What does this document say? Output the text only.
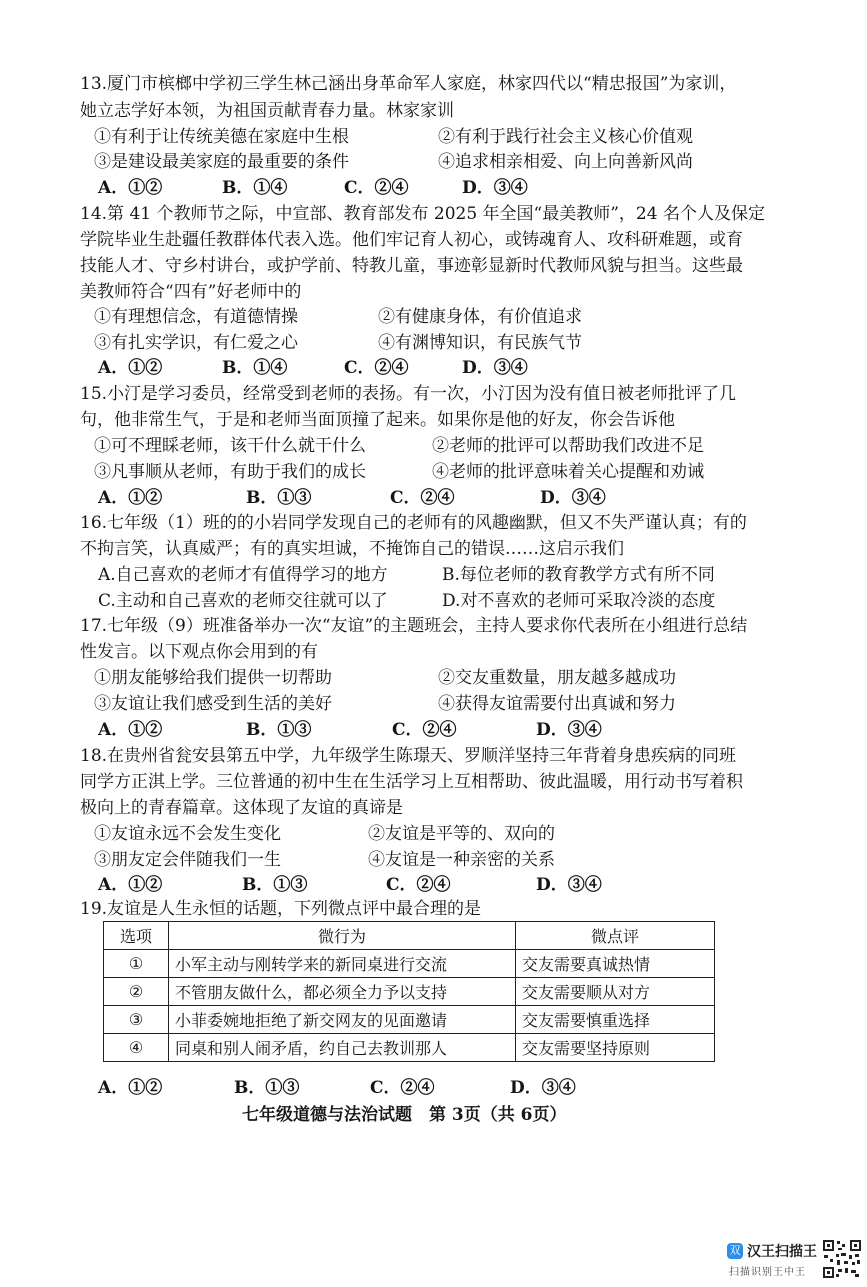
13.厦门市槟榔中学初三学生林己涵出身革命军人家庭，林家四代以“精忠报国”为家训，
她立志学好本领，为祖国贡献青春力量。林家家训
①有利于让传统美德在家庭中生根	②有利于践行社会主义核心价值观
③是建设最美家庭的最重要的条件	④追求相亲相爱、向上向善新风尚
A．①②	B．①④	C．②④	D．③④
14.第 41 个教师节之际，中宣部、教育部发布 2025 年全国“最美教师”，24 名个人及保定
学院毕业生赴疆任教群体代表入选。他们牢记育人初心，或铸魂育人、攻科研难题，或育
技能人才、守乡村讲台，或护学前、特教儿童，事迹彰显新时代教师风貌与担当。这些最
美教师符合“四有”好老师中的
①有理想信念，有道德情操	②有健康身体，有价值追求
③有扎实学识，有仁爱之心	④有渊博知识，有民族气节
A．①②	B．①④	C．②④	D．③④
15.小汀是学习委员，经常受到老师的表扬。有一次，小汀因为没有值日被老师批评了几
句，他非常生气，于是和老师当面顶撞了起来。如果你是他的好友，你会告诉他
①可不理睬老师，该干什么就干什么	②老师的批评可以帮助我们改进不足
③凡事顺从老师，有助于我们的成长	④老师的批评意味着关心提醒和劝诫
A．①②	B．①③	C．②④	D．③④
16.七年级（1）班的的小岩同学发现自己的老师有的风趣幽默，但又不失严谨认真；有的
不拘言笑，认真威严；有的真实坦诚，不掩饰自己的错误……这启示我们
A.自己喜欢的老师才有值得学习的地方	B.每位老师的教育教学方式有所不同
C.主动和自己喜欢的老师交往就可以了	D.对不喜欢的老师可采取冷淡的态度
17.七年级（9）班准备举办一次“友谊”的主题班会，主持人要求你代表所在小组进行总结
性发言。以下观点你会用到的有
①朋友能够给我们提供一切帮助	②交友重数量，朋友越多越成功
③友谊让我们感受到生活的美好	④获得友谊需要付出真诚和努力
A．①②	B．①③	C．②④	D．③④
18.在贵州省瓮安县第五中学，九年级学生陈璟天、罗顺洋坚持三年背着身患疾病的同班
同学方正淇上学。三位普通的初中生在生活学习上互相帮助、彼此温暖，用行动书写着积
极向上的青春篇章。这体现了友谊的真谛是
①友谊永远不会发生变化	②友谊是平等的、双向的
③朋友定会伴随我们一生	④友谊是一种亲密的关系
A．①②	B．①③	C．②④	D．③④
19.友谊是人生永恒的话题，下列微点评中最合理的是
选项	微行为	微点评
①	小军主动与刚转学来的新同桌进行交流	交友需要真诚热情
②	不管朋友做什么，都必须全力予以支持	交友需要顺从对方
③	小菲委婉地拒绝了新交网友的见面邀请	交友需要慎重选择
④	同桌和别人闹矛盾，约自己去教训那人	交友需要坚持原则
A．①②	B．①③	C．②④	D．③④
七年级道德与法治试题　第 3页（共 6页）
双 汉王扫描王
扫描识别王中王
